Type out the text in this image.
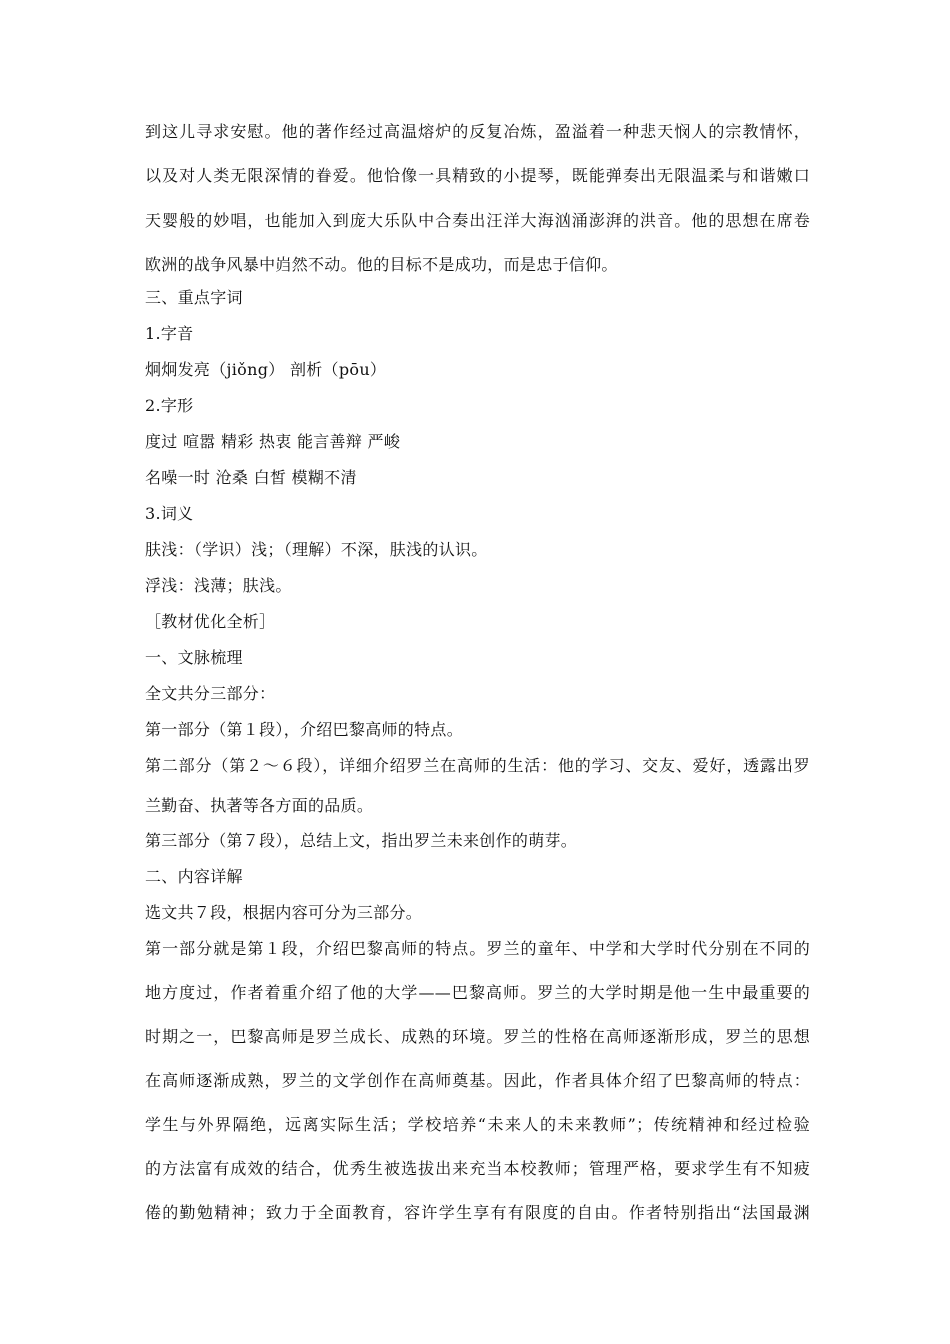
到这儿寻求安慰。他的著作经过高温熔炉的反复冶炼，盈溢着一种悲天悯人的宗教情怀，
以及对人类无限深情的眷爱。他恰像一具精致的小提琴，既能弹奏出无限温柔与和谐嫩口
天婴般的妙唱，也能加入到庞大乐队中合奏出汪洋大海汹涌澎湃的洪音。他的思想在席卷
欧洲的战争风暴中岿然不动。他的目标不是成功，而是忠于信仰。
三、重点字词
1.字音
炯炯发亮（jiǒng） 剖析（pōu）
2.字形
度过 喧嚣 精彩 热衷 能言善辩 严峻
名噪一时 沧桑 白皙 模糊不清
3.词义
肤浅：（学识）浅；（理解）不深，肤浅的认识。
浮浅：浅薄；肤浅。
［教材优化全析］
一、文脉梳理
全文共分三部分：
第一部分（第１段），介绍巴黎高师的特点。
第二部分（第２～６段），详细介绍罗兰在高师的生活：他的学习、交友、爱好，透露出罗
兰勤奋、执著等各方面的品质。
第三部分（第７段），总结上文，指出罗兰未来创作的萌芽。
二、内容详解
选文共７段，根据内容可分为三部分。
第一部分就是第１段，介绍巴黎高师的特点。罗兰的童年、中学和大学时代分别在不同的
地方度过，作者着重介绍了他的大学——巴黎高师。罗兰的大学时期是他一生中最重要的
时期之一，巴黎高师是罗兰成长、成熟的环境。罗兰的性格在高师逐渐形成，罗兰的思想
在高师逐渐成熟，罗兰的文学创作在高师奠基。因此，作者具体介绍了巴黎高师的特点：
学生与外界隔绝，远离实际生活；学校培养“未来人的未来教师”；传统精神和经过检验
的方法富有成效的结合，优秀生被选拔出来充当本校教师；管理严格，要求学生有不知疲
倦的勤勉精神；致力于全面教育，容许学生享有有限度的自由。作者特别指出“法国最渊
